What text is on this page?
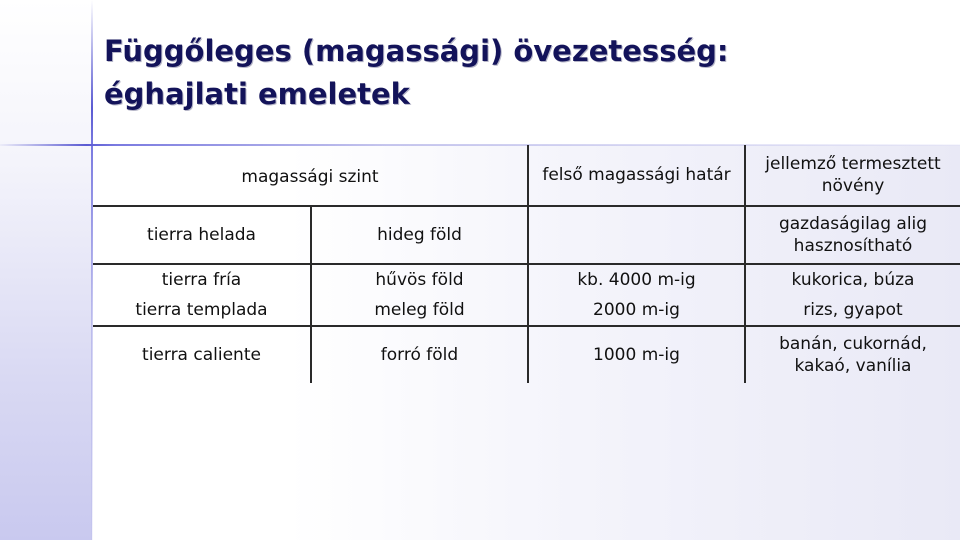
Függőleges (magassági) övezetesség:
éghajlati emeletek
magassági szint		felső magassági határ	jellemző termesztett
növény
tierra helada	hideg föld		gazdaságilag alig
hasznosítható
tierra fría	hűvös föld	kb. 4000 m-ig	kukorica, búza
tierra templada	meleg föld	2000 m-ig	rizs, gyapot
tierra caliente	forró föld	1000 m-ig	banán, cukornád,
kakaó, vanília
